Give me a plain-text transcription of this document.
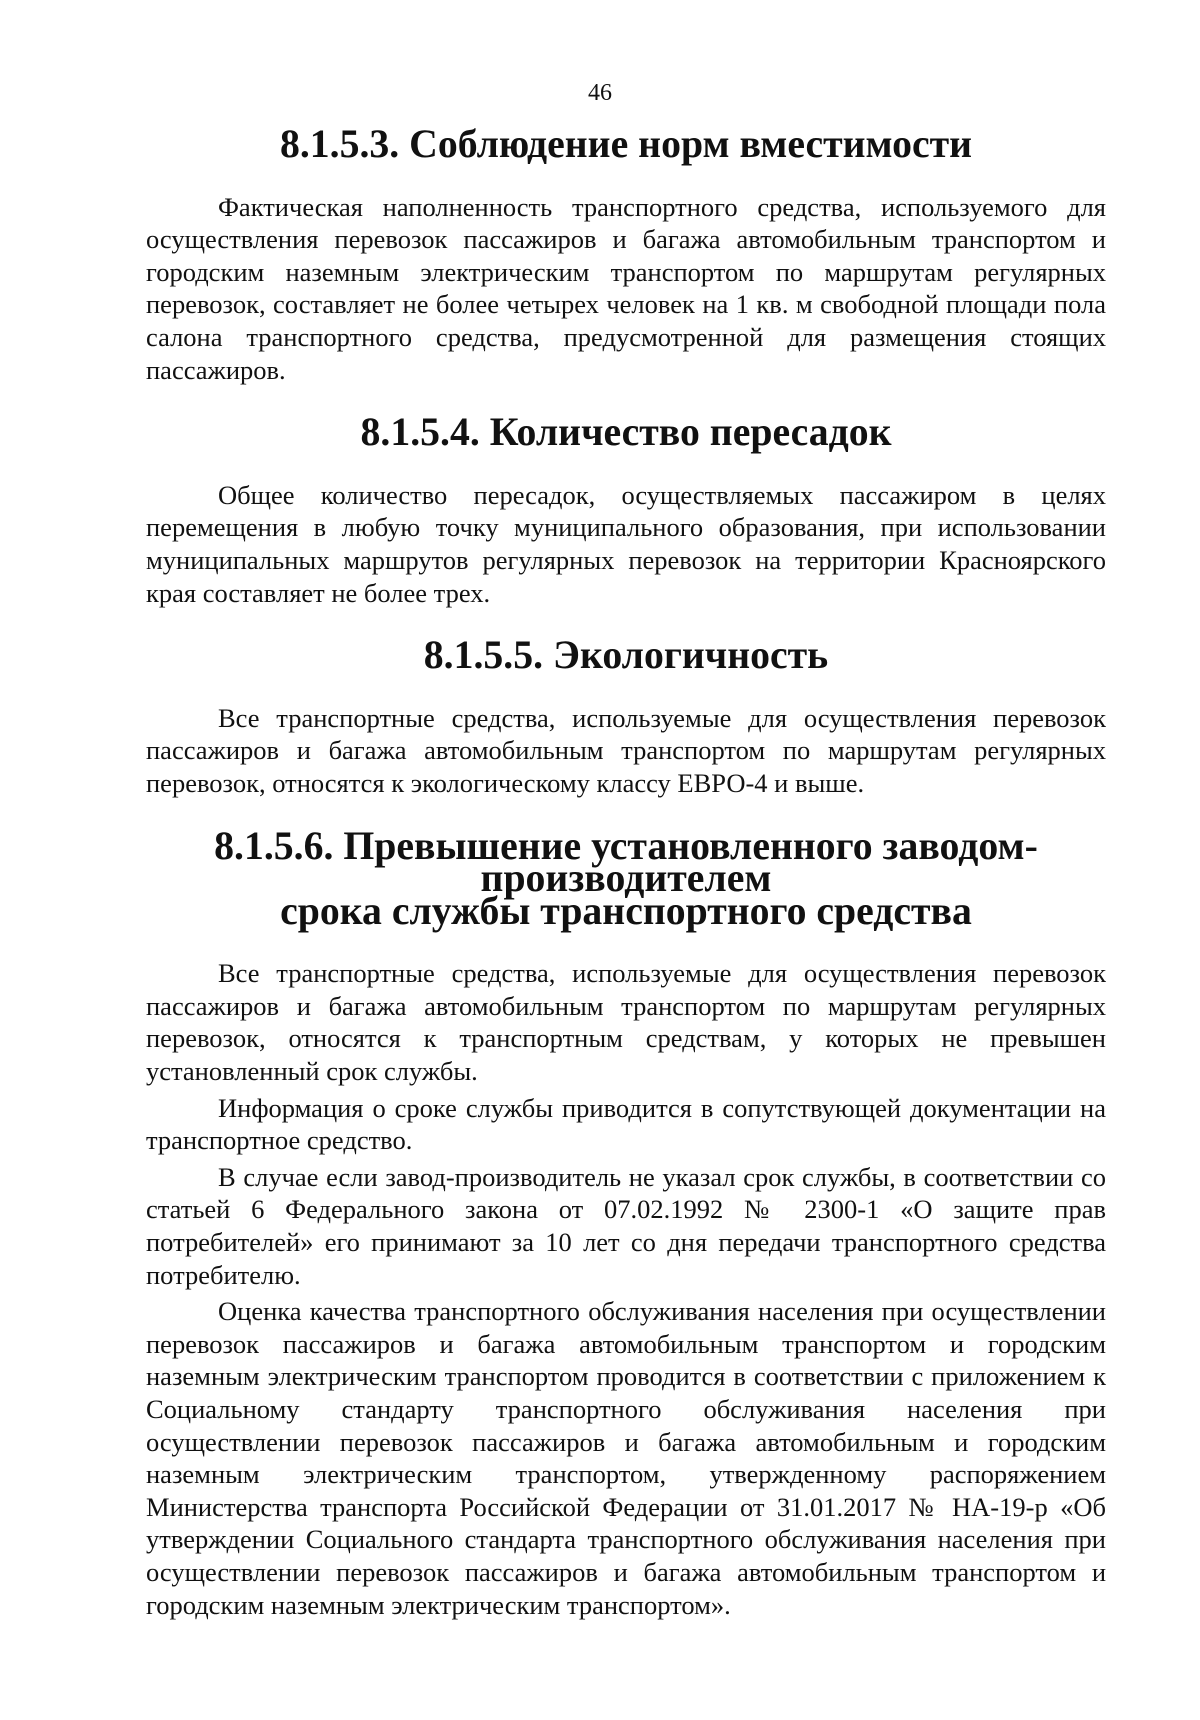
46
8.1.5.3. Соблюдение норм вместимости

Фактическая наполненность транспортного средства, используемого для осуществления перевозок пассажиров и багажа автомобильным транспортом и городским наземным электрическим транспортом по маршрутам регулярных перевозок, составляет не более четырех человек на 1 кв. м свободной площади пола салона транспортного средства, предусмотренной для размещения стоящих пассажиров.

8.1.5.4. Количество пересадок

Общее количество пересадок, осуществляемых пассажиром в целях перемещения в любую точку муниципального образования, при использовании муниципальных маршрутов регулярных перевозок на территории Красноярского края составляет не более трех.

8.1.5.5. Экологичность

Все транспортные средства, используемые для осуществления перевозок пассажиров и багажа автомобильным транспортом по маршрутам регулярных перевозок, относятся к экологическому классу ЕВРО-4 и выше.

8.1.5.6. Превышение установленного заводом-производителем
срока службы транспортного средства

Все транспортные средства, используемые для осуществления перевозок пассажиров и багажа автомобильным транспортом по маршрутам регулярных перевозок, относятся к транспортным средствам, у которых не превышен установленный срок службы.

Информация о сроке службы приводится в сопутствующей документации на транспортное средство.

В случае если завод-производитель не указал срок службы, в соответствии со статьей 6 Федерального закона от 07.02.1992 № 2300-1 «О защите прав потребителей» его принимают за 10 лет со дня передачи транспортного средства потребителю.

Оценка качества транспортного обслуживания населения при осуществлении перевозок пассажиров и багажа автомобильным транспортом и городским наземным электрическим транспортом проводится в соответствии с приложением к Социальному стандарту транспортного обслуживания населения при осуществлении перевозок пассажиров и багажа автомобильным и городским наземным электрическим транспортом, утвержденному распоряжением Министерства транспорта Российской Федерации от 31.01.2017 № НА-19-р «Об утверждении Социального стандарта транспортного обслуживания населения при осуществлении перевозок пассажиров и багажа автомобильным транспортом и городским наземным электрическим транспортом».
